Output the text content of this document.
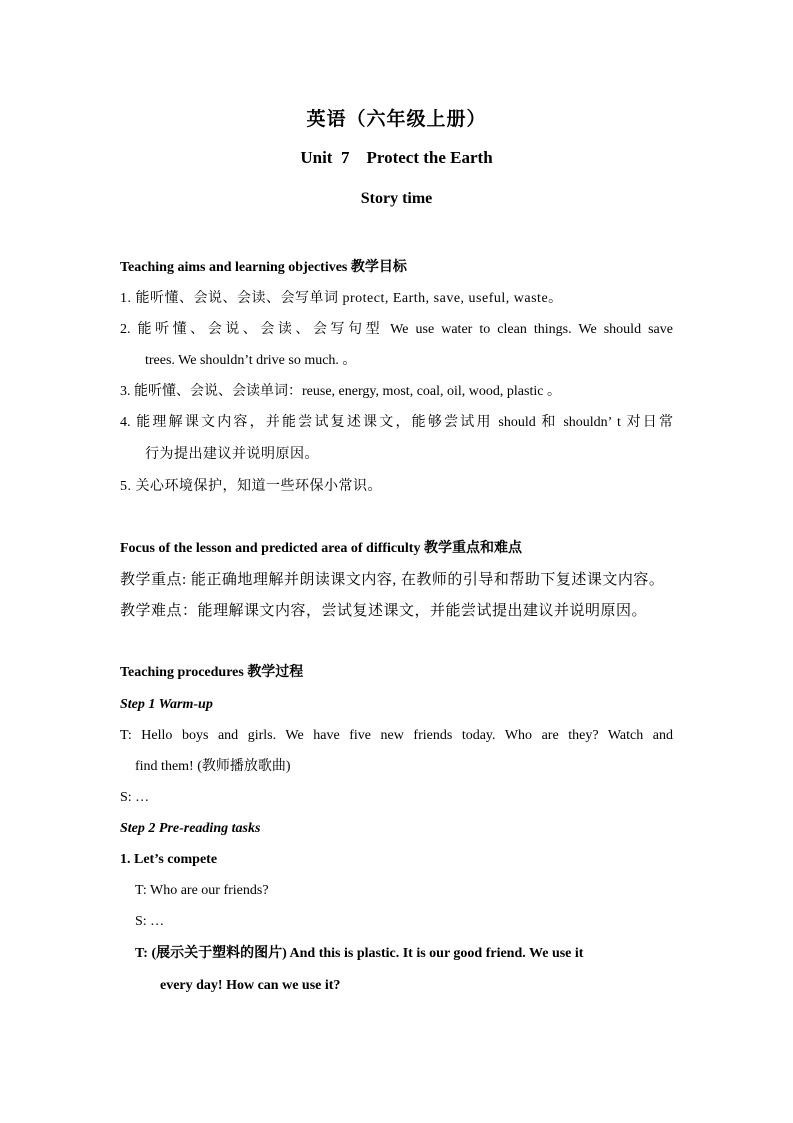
英语（六年级上册）
Unit  7    Protect the Earth
Story time
Teaching aims and learning objectives 教学目标
1. 能听懂、会说、会读、会写单词 protect, Earth, save, useful, waste。
2. 能听懂、会说、会读、会写句型 We use water to clean things. We should save
trees. We shouldn’t drive so much. 。
3. 能听懂、会说、会读单词：reuse, energy, most, coal, oil, wood, plastic 。
4. 能理解课文内容，并能尝试复述课文，能够尝试用 should 和 shouldn’ t 对日常
行为提出建议并说明原因。
5. 关心环境保护，知道一些环保小常识。
Focus of the lesson and predicted area of difficulty 教学重点和难点
教学重点: 能正确地理解并朗读课文内容, 在教师的引导和帮助下复述课文内容。
教学难点：能理解课文内容，尝试复述课文，并能尝试提出建议并说明原因。
Teaching procedures 教学过程
Step 1 Warm-up
T: Hello boys and girls. We have five new friends today. Who are they? Watch and
find them! (教师播放歌曲)
S: …
Step 2 Pre-reading tasks
1. Let’s compete
T: Who are our friends?
S: …
T: (展示关于塑料的图片) And this is plastic. It is our good friend. We use it
every day! How can we use it?
